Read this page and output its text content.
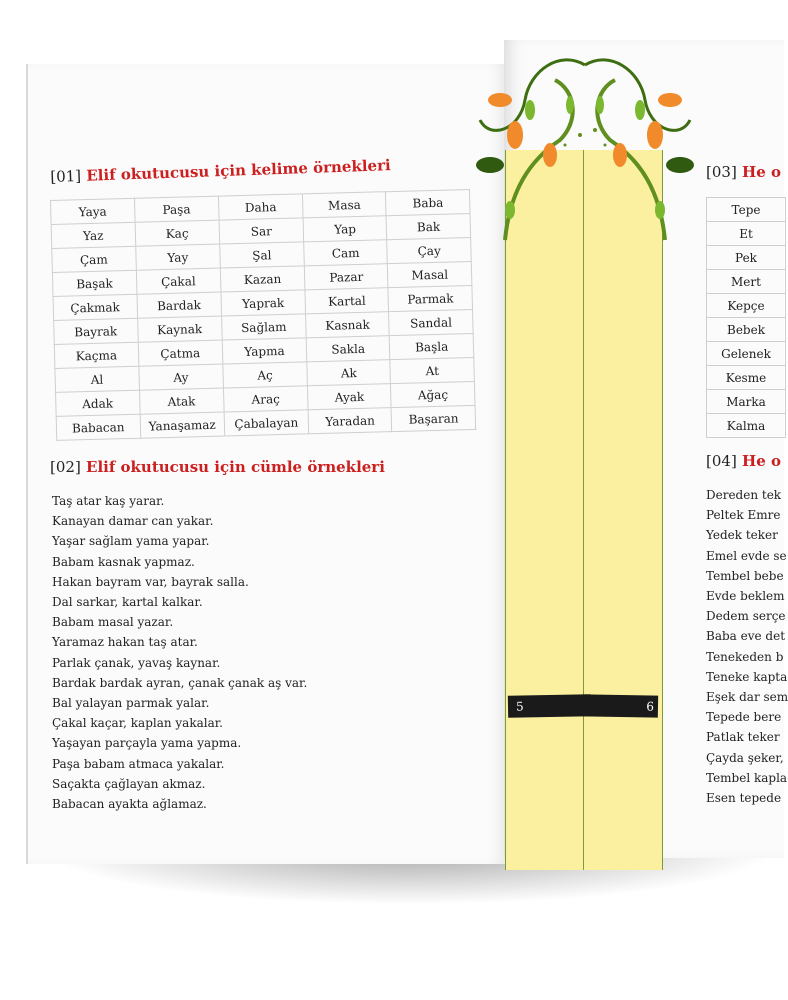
[01] Elif okutucusu için kelime örnekleri
Yaya	Paşa	Daha	Masa	Baba
Yaz	Kaç	Sar	Yap	Bak
Çam	Yay	Şal	Cam	Çay
Başak	Çakal	Kazan	Pazar	Masal
Çakmak	Bardak	Yaprak	Kartal	Parmak
Bayrak	Kaynak	Sağlam	Kasnak	Sandal
Kaçma	Çatma	Yapma	Sakla	Başla
Al	Ay	Aç	Ak	At
Adak	Atak	Araç	Ayak	Ağaç
Babacan	Yanaşamaz	Çabalayan	Yaradan	Başaran
[02] Elif okutucusu için cümle örnekleri
Taş atar kaş yarar.
Kanayan damar can yakar.
Yaşar sağlam yama yapar.
Babam kasnak yapmaz.
Hakan bayram var, bayrak salla.
Dal sarkar, kartal kalkar.
Babam masal yazar.
Yaramaz hakan taş atar.
Parlak çanak, yavaş kaynar.
Bardak bardak ayran, çanak çanak aş var.
Bal yalayan parmak yalar.
Çakal kaçar, kaplan yakalar.
Yaşayan parçayla yama yapma.
Paşa babam atmaca yakalar.
Saçakta çağlayan akmaz.
Babacan ayakta ağlamaz.
[03] He o
Tepe
Et
Pek
Mert
Kepçe
Bebek
Gelenek
Kesme
Marka
Kalma
[04] He o
Dereden tek
Peltek Emre
Yedek teker
Emel evde se
Tembel bebe
Evde beklem
Dedem serçe
Baba eve det
Tenekeden b
Teneke kapta
Eşek dar sem
Tepede bere
Patlak teker
Çayda şeker,
Tembel kapla
Esen tepede
5	6
